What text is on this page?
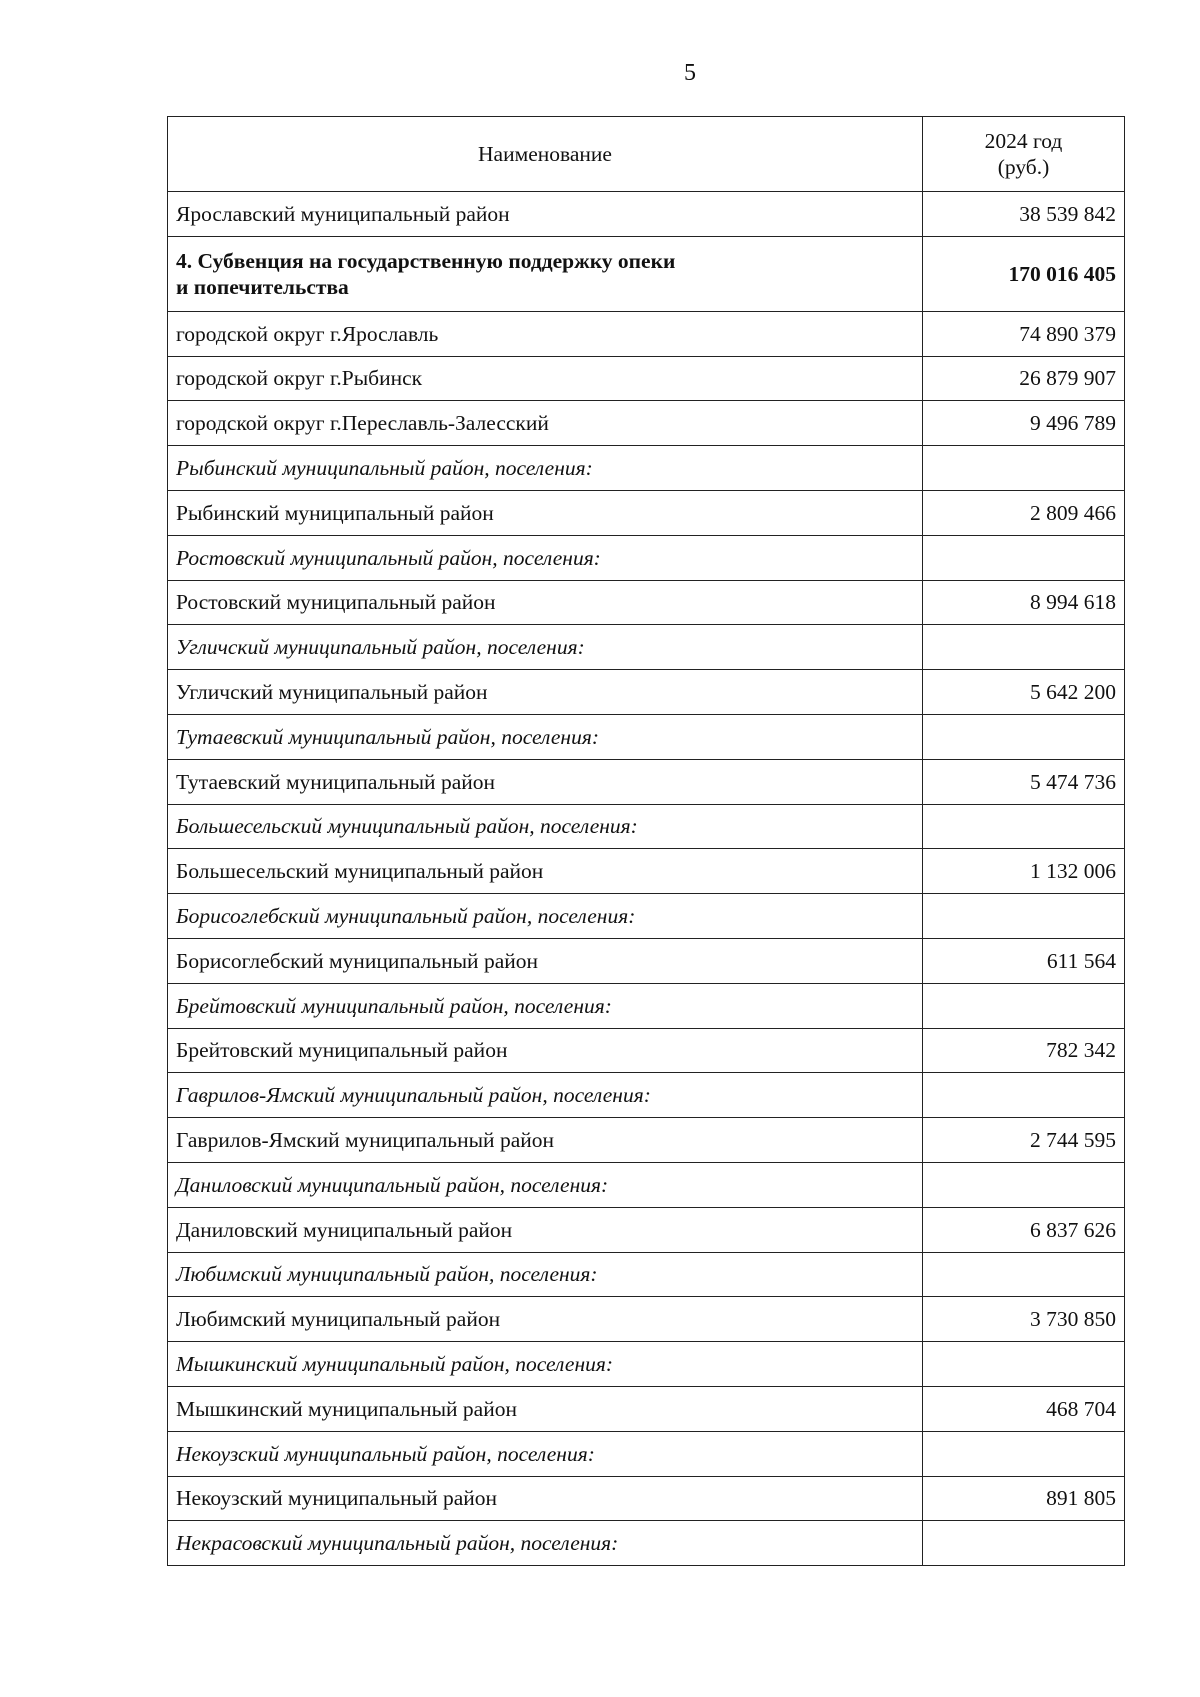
5
Наименование	2024 год
(руб.)
Ярославский муниципальный район	38 539 842
4. Субвенция на государственную поддержку опеки
и попечительства	170 016 405
городской округ г.Ярославль	74 890 379
городской округ г.Рыбинск	26 879 907
городской округ г.Переславль-Залесский	9 496 789
Рыбинский муниципальный район, поселения:	
Рыбинский муниципальный район	2 809 466
Ростовский муниципальный район, поселения:	
Ростовский муниципальный район	8 994 618
Угличский муниципальный район, поселения:	
Угличский муниципальный район	5 642 200
Тутаевский муниципальный район, поселения:	
Тутаевский муниципальный район	5 474 736
Большесельский муниципальный район, поселения:	
Большесельский муниципальный район	1 132 006
Борисоглебский муниципальный район, поселения:	
Борисоглебский муниципальный район	611 564
Брейтовский муниципальный район, поселения:	
Брейтовский муниципальный район	782 342
Гаврилов-Ямский муниципальный район, поселения:	
Гаврилов-Ямский муниципальный район	2 744 595
Даниловский муниципальный район, поселения:	
Даниловский муниципальный район	6 837 626
Любимский муниципальный район, поселения:	
Любимский муниципальный район	3 730 850
Мышкинский муниципальный район, поселения:	
Мышкинский муниципальный район	468 704
Некоузский муниципальный район, поселения:	
Некоузский муниципальный район	891 805
Некрасовский муниципальный район, поселения:	
